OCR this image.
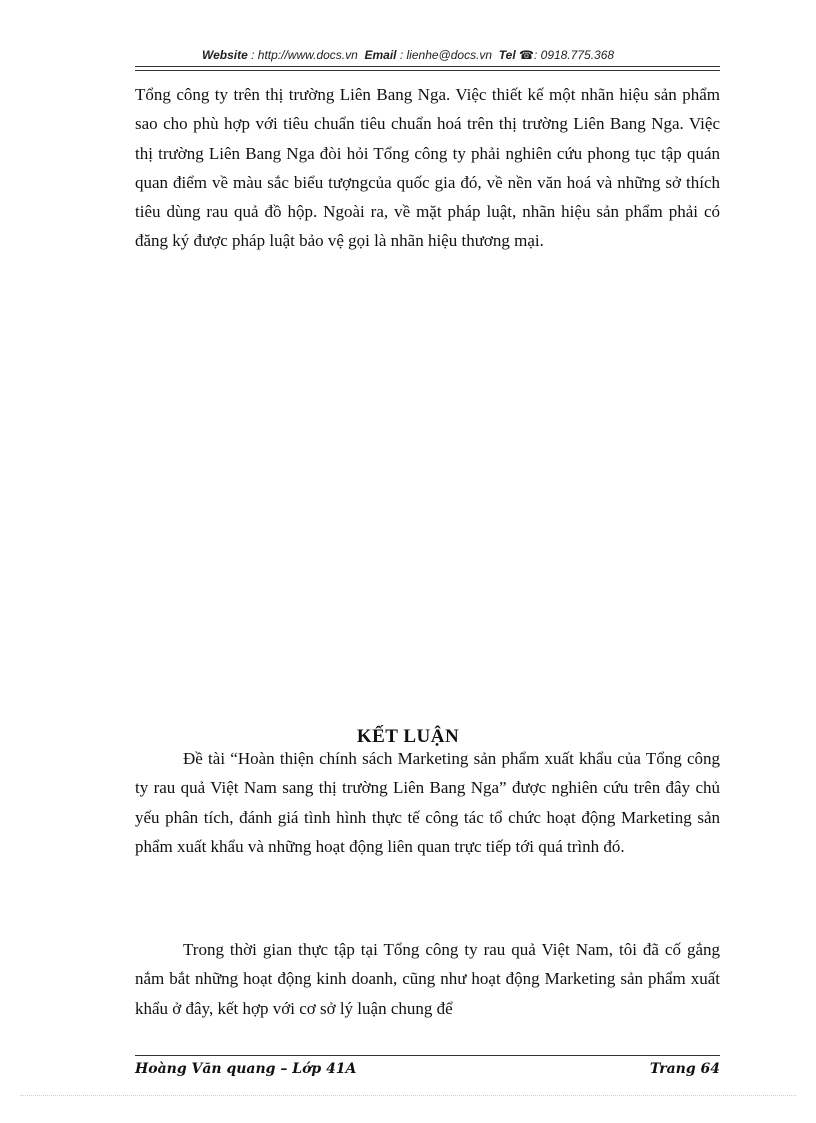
Website : http://www.docs.vn Email : lienhe@docs.vn Tel ☎: 0918.775.368

Tổng công ty trên thị trường Liên Bang Nga. Việc thiết kế một nhãn hiệu sản phẩm sao cho phù hợp với tiêu chuẩn tiêu chuẩn hoá trên thị trường Liên Bang Nga. Việc thị trường Liên Bang Nga đòi hỏi Tổng công ty phải nghiên cứu phong tục tập quán quan điểm về màu sắc biểu tượngcủa quốc gia đó, về nền văn hoá và những sở thích tiêu dùng rau quả đồ hộp. Ngoài ra, về mặt pháp luật, nhãn hiệu sản phẩm phải có đăng ký được pháp luật bảo vệ gọi là nhãn hiệu thương mại.

KẾT LUẬN

Đề tài “Hoàn thiện chính sách Marketing sản phẩm xuất khẩu của Tổng công ty rau quả Việt Nam sang thị trường Liên Bang Nga” được nghiên cứu trên đây chủ yếu phân tích, đánh giá tình hình thực tế công tác tổ chức hoạt động Marketing sản phẩm xuất khẩu và những hoạt động liên quan trực tiếp tới quá trình đó.

Trong thời gian thực tập tại Tổng công ty rau quả Việt Nam, tôi đã cố gắng nắm bắt những hoạt động kinh doanh, cũng như hoạt động Marketing sản phẩm xuất khẩu ở đây, kết hợp với cơ sở lý luận chung để

Hoàng Văn quang – Lớp 41A	Trang 64
